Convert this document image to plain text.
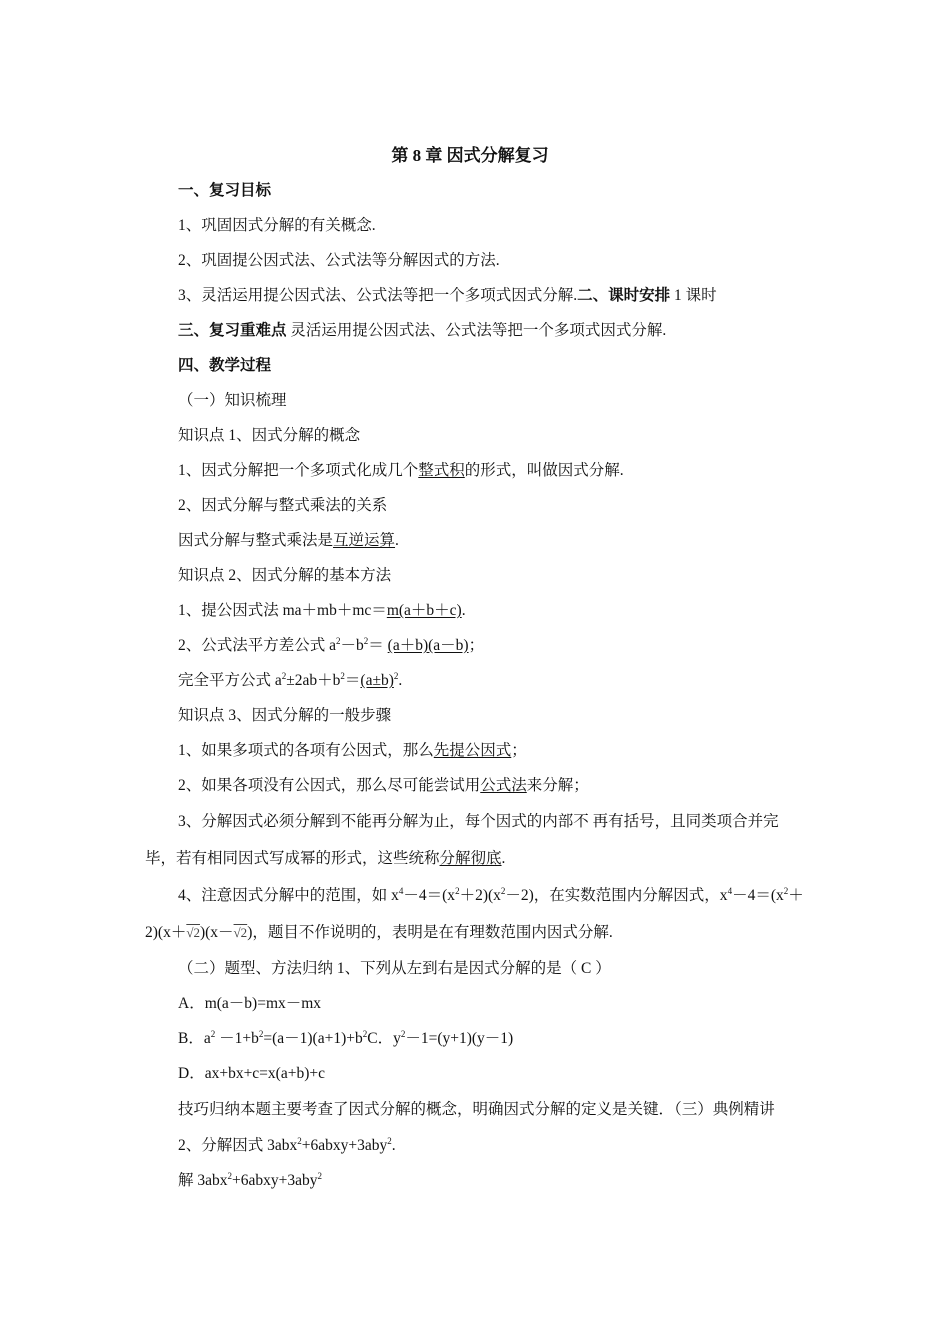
第 8 章 因式分解复习

一、复习目标

1、巩固因式分解的有关概念.

2、巩固提公因式法、公式法等分解因式的方法.

3、灵活运用提公因式法、公式法等把一个多项式因式分解.二、课时安排 1 课时

三、复习重难点 灵活运用提公因式法、公式法等把一个多项式因式分解.

四、教学过程

（一）知识梳理

知识点 1、因式分解的概念

1、因式分解把一个多项式化成几个整式积的形式，叫做因式分解.

2、因式分解与整式乘法的关系

因式分解与整式乘法是互逆运算.

知识点 2、因式分解的基本方法

1、提公因式法 ma＋mb＋mc＝m(a＋b＋c).

2、公式法平方差公式 $a^2-b^2= (a+b)(a-b)$；

完全平方公式 $a^2\pm 2ab+b^2=(a\pm b)^2$.

知识点 3、因式分解的一般步骤

1、如果多项式的各项有公因式，那么先提公因式；

2、如果各项没有公因式，那么尽可能尝试用公式法来分解；

3、分解因式必须分解到不能再分解为止，每个因式的内部不 再有括号，且同类项合并完毕，若有相同因式写成幂的形式，这些统称分解彻底.

4、注意因式分解中的范围，如 $x^4-4=(x^2+2)(x^2-2)$，在实数范围内分解因式，$x^4-4=(x^2+2)(x+√2)(x-√2)$，题目不作说明的，表明是在有理数范围内因式分解.

（二）题型、方法归纳 1、下列从左到右是因式分解的是（ C ）

A．m(a－b)=mx－mx

B．$a^2 -1+b^2=(a-1)(a+1)+b^2C$．$y^2-1=(y+1)(y-1)$

D．ax+bx+c=x(a+b)+c

技巧归纳本题主要考查了因式分解的概念，明确因式分解的定义是关键．（三）典例精讲

2、分解因式 3abx$^2$+6abxy+3aby$^2$.

解 3abx$^2$+6abxy+3aby$^2$
